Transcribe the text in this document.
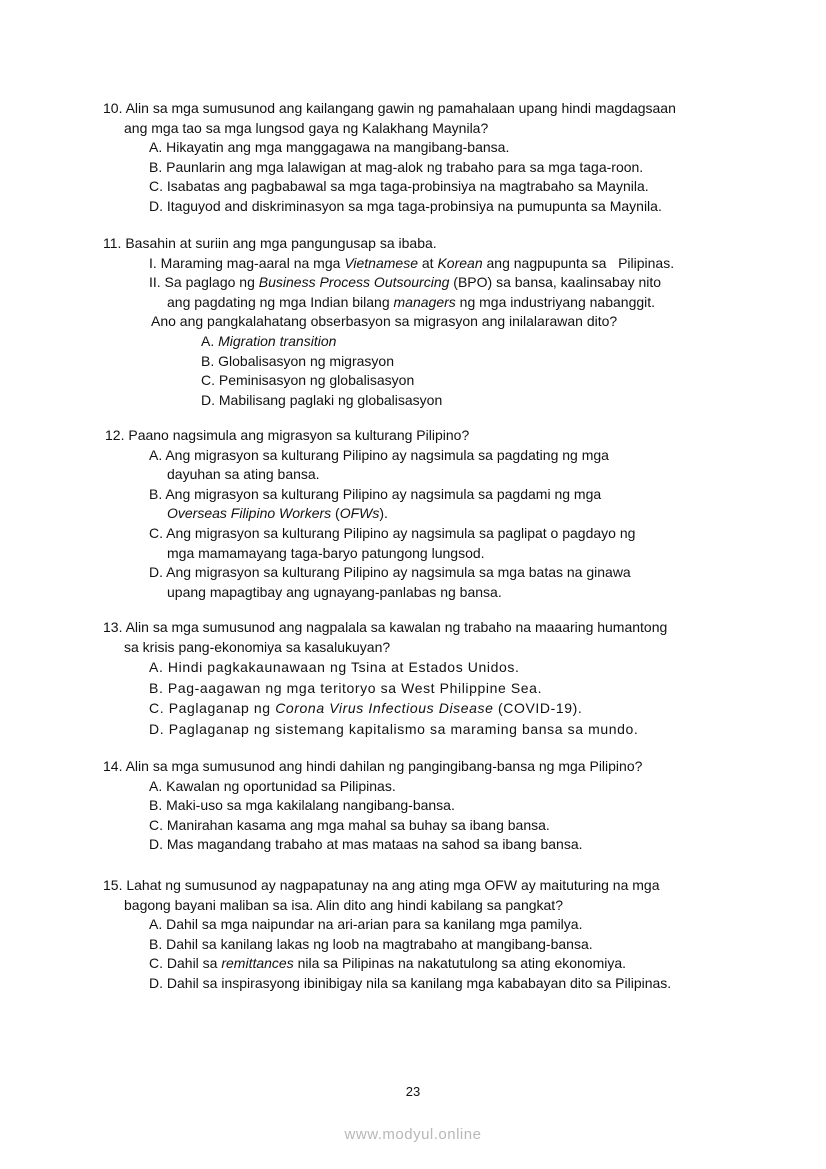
10. Alin sa mga sumusunod ang kailangang gawin ng pamahalaan upang hindi magdagsaan
ang mga tao sa mga lungsod gaya ng Kalakhang Maynila?

A. Hikayatin ang mga manggagawa na mangibang-bansa.

B. Paunlarin ang mga lalawigan at mag-alok ng trabaho para sa mga taga-roon.

C. Isabatas ang pagbabawal sa mga taga-probinsiya na magtrabaho sa Maynila.

D. Itaguyod and diskriminasyon sa mga taga-probinsiya na pumupunta sa Maynila.

11. Basahin at suriin ang mga pangungusap sa ibaba.

I. Maraming mag-aaral na mga Vietnamese at Korean ang nagpupunta sa   Pilipinas.

II. Sa paglago ng Business Process Outsourcing (BPO) sa bansa, kaalinsabay nito
ang pagdating ng mga Indian bilang managers ng mga industriyang nabanggit.

Ano ang pangkalahatang obserbasyon sa migrasyon ang inilalarawan dito?

A. Migration transition

B. Globalisasyon ng migrasyon

C. Peminisasyon ng globalisasyon

D. Mabilisang paglaki ng globalisasyon

12. Paano nagsimula ang migrasyon sa kulturang Pilipino?

A. Ang migrasyon sa kulturang Pilipino ay nagsimula sa pagdating ng mga
dayuhan sa ating bansa.

B. Ang migrasyon sa kulturang Pilipino ay nagsimula sa pagdami ng mga
Overseas Filipino Workers (OFWs).

C. Ang migrasyon sa kulturang Pilipino ay nagsimula sa paglipat o pagdayo ng
mga mamamayang taga-baryo patungong lungsod.

D. Ang migrasyon sa kulturang Pilipino ay nagsimula sa mga batas na ginawa
upang mapagtibay ang ugnayang-panlabas ng bansa.

13. Alin sa mga sumusunod ang nagpalala sa kawalan ng trabaho na maaaring humantong
sa krisis pang-ekonomiya sa kasalukuyan?

A. Hindi pagkakaunawaan ng Tsina at Estados Unidos.

B. Pag-aagawan ng mga teritoryo sa West Philippine Sea.

C. Paglaganap ng Corona Virus Infectious Disease (COVID-19).

D. Paglaganap ng sistemang kapitalismo sa maraming bansa sa mundo.

14. Alin sa mga sumusunod ang hindi dahilan ng pangingibang-bansa ng mga Pilipino?

A. Kawalan ng oportunidad sa Pilipinas.

B. Maki-uso sa mga kakilalang nangibang-bansa.

C. Manirahan kasama ang mga mahal sa buhay sa ibang bansa.

D. Mas magandang trabaho at mas mataas na sahod sa ibang bansa.

15. Lahat ng sumusunod ay nagpapatunay na ang ating mga OFW ay maituturing na mga
bagong bayani maliban sa isa. Alin dito ang hindi kabilang sa pangkat?

A. Dahil sa mga naipundar na ari-arian para sa kanilang mga pamilya.

B. Dahil sa kanilang lakas ng loob na magtrabaho at mangibang-bansa.

C. Dahil sa remittances nila sa Pilipinas na nakatutulong sa ating ekonomiya.

D. Dahil sa inspirasyong ibinibigay nila sa kanilang mga kababayan dito sa Pilipinas.

23
www.modyul.online
